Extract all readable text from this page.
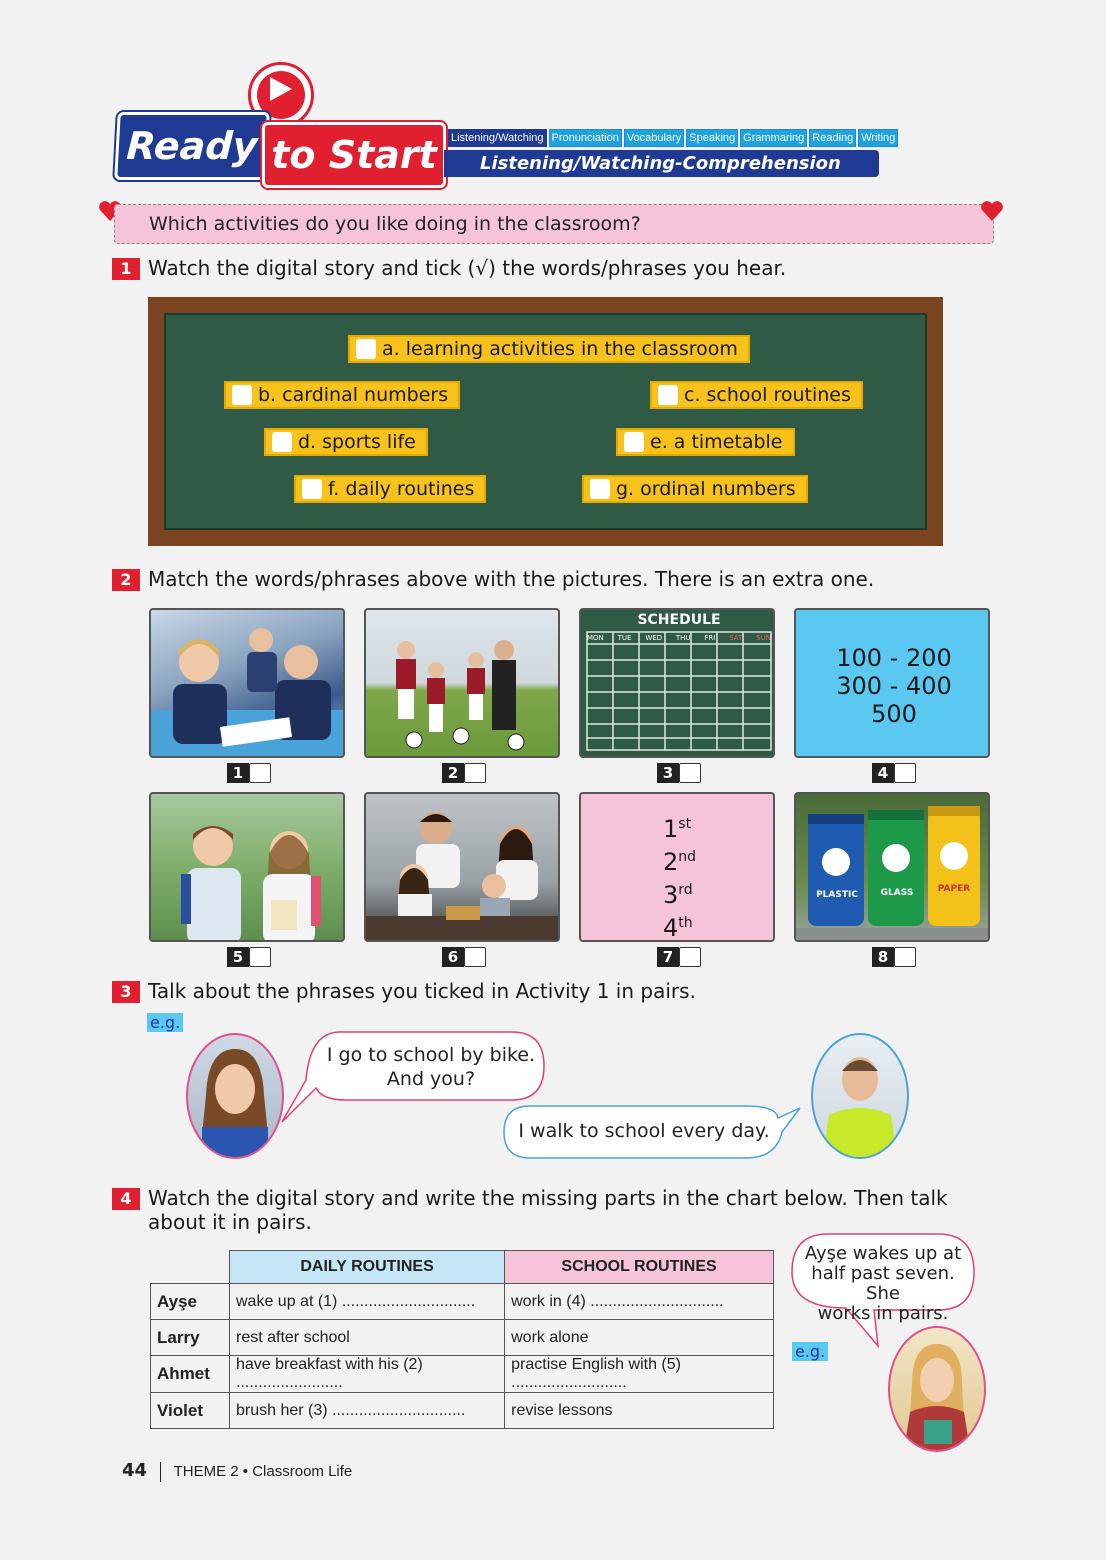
Ready to Start	Listening/Watching Pronunciation Vocabulary Speaking Grammaring Reading Writing
Listening/Watching-Comprehension
Which activities do you like doing in the classroom?
1 Watch the digital story and tick (√) the words/phrases you hear.
a. learning activities in the classroom
b. cardinal numbers	c. school routines
d. sports life	e. a timetable
f. daily routines	g. ordinal numbers
2 Match the words/phrases above with the pictures. There is an extra one.
SCHEDULE
MON TUE WED THU FRI SAT SUN
100 - 200
300 - 400
500
1	2	3	4
1st
2nd
3rd
4th
PLASTIC	GLASS	PAPER
5	6	7	8
3 Talk about the phrases you ticked in Activity 1 in pairs.
e.g.
I go to school by bike.
And you?
I walk to school every day.
4 Watch the digital story and write the missing parts in the chart below. Then talk
about it in pairs.
	DAILY ROUTINES	SCHOOL ROUTINES
Ayşe	wake up at (1) ..............................	work in (4) ..............................
Larry	rest after school	work alone
Ahmet	have breakfast with his (2) ........................	practise English with (5) ..........................
Violet	brush her (3) ..............................	revise lessons
Ayşe wakes up at
half past seven. She
works in pairs.
e.g.
44 THEME 2 • Classroom Life
